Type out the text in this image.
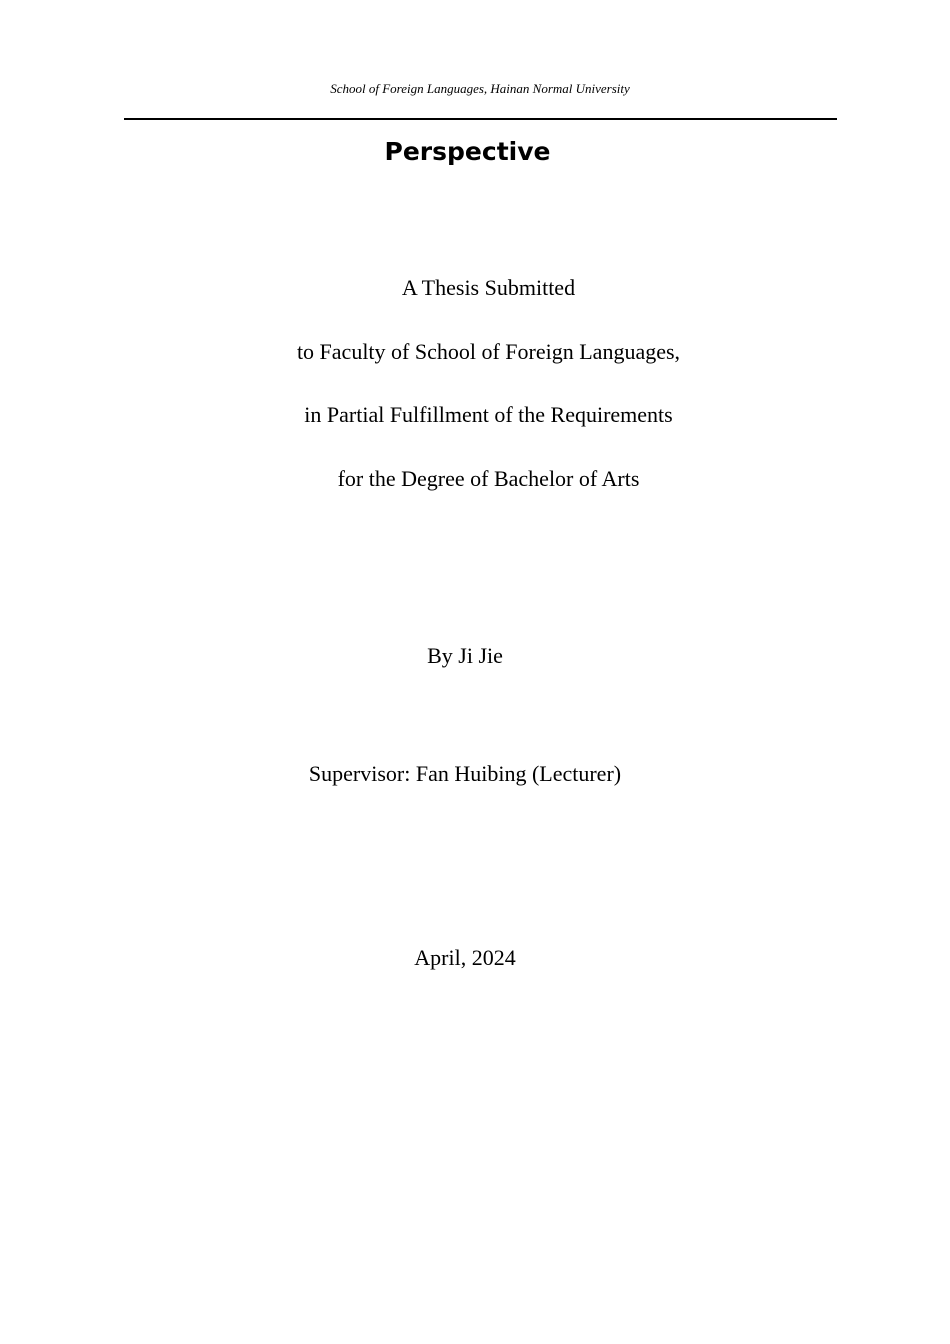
School of Foreign Languages, Hainan Normal University
Perspective
A Thesis Submitted
to Faculty of School of Foreign Languages,
in Partial Fulfillment of the Requirements
for the Degree of Bachelor of Arts
By Ji Jie
Supervisor: Fan Huibing (Lecturer)
April, 2024
